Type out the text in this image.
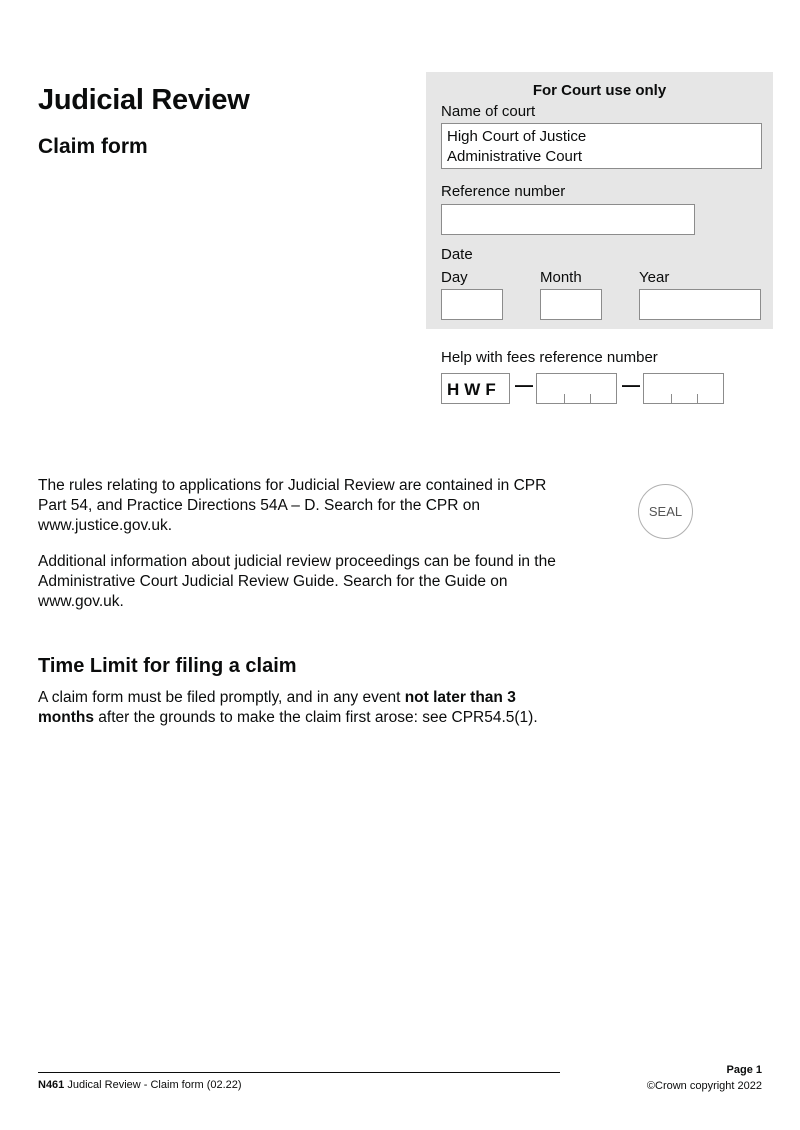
Judicial Review
Claim form
For Court use only
Name of court
High Court of Justice
Administrative Court
Reference number
Date
Day	Month	Year
Help with fees reference number
HWF —	—
The rules relating to applications for Judicial Review are contained in CPR Part 54, and Practice Directions 54A – D. Search for the CPR on www.justice.gov.uk.
Additional information about judicial review proceedings can be found in the Administrative Court Judicial Review Guide. Search for the Guide on www.gov.uk.
SEAL
Time Limit for filing a claim
A claim form must be filed promptly, and in any event not later than 3 months after the grounds to make the claim first arose: see CPR54.5(1).
N461 Judical Review - Claim form (02.22)
Page 1
©Crown copyright 2022
